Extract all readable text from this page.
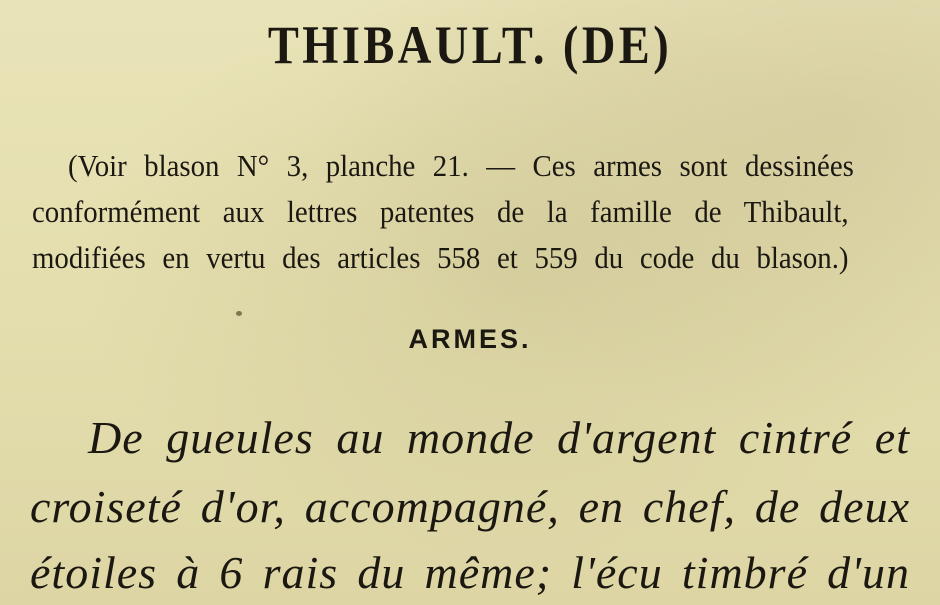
THIBAULT. (DE)
(Voir blason N° 3, planche 21. — Ces armes sont dessinées
conformément aux lettres patentes de la famille de Thibault,
modifiées en vertu des articles 558 et 559 du code du blason.)
ARMES.
De gueules au monde d'argent cintré et
croiseté d'or, accompagné, en chef, de deux
étoiles à 6 rais du même; l'écu timbré d'un
